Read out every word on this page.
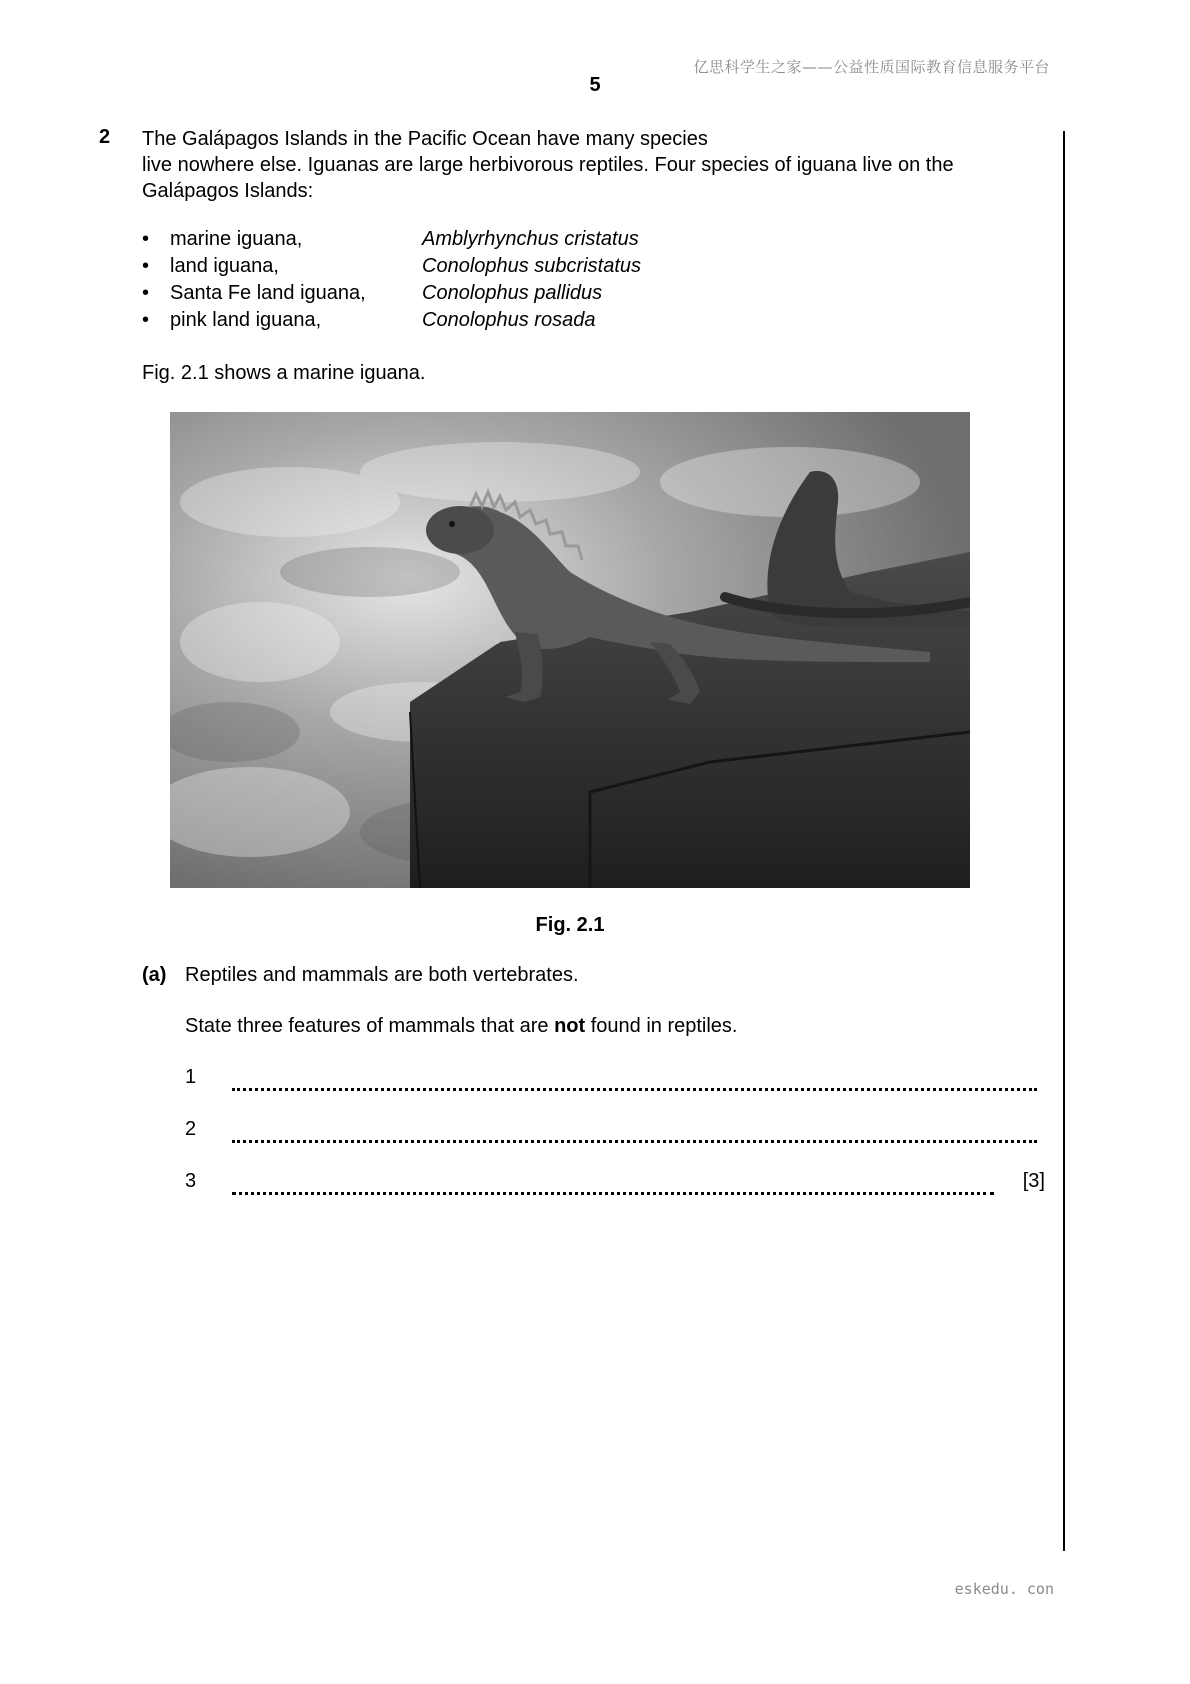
亿思科学生之家——公益性质国际教育信息服务平台
5
2 The Galápagos Islands in the Pacific Ocean have many species

live nowhere else. Iguanas are large herbivorous reptiles. Four species of iguana live on the

Galápagos Islands:

• marine iguana,	Amblyrhynchus cristatus
• land iguana,	Conolophus subcristatus
• Santa Fe land iguana,	Conolophus pallidus
• pink land iguana,	Conolophus rosada
Fig. 2.1 shows a marine iguana.
Fig. 2.1
(a) Reptiles and mammals are both vertebrates.
State three features of mammals that are not found in reptiles.
1
2
3	[3]
eskedu. con
